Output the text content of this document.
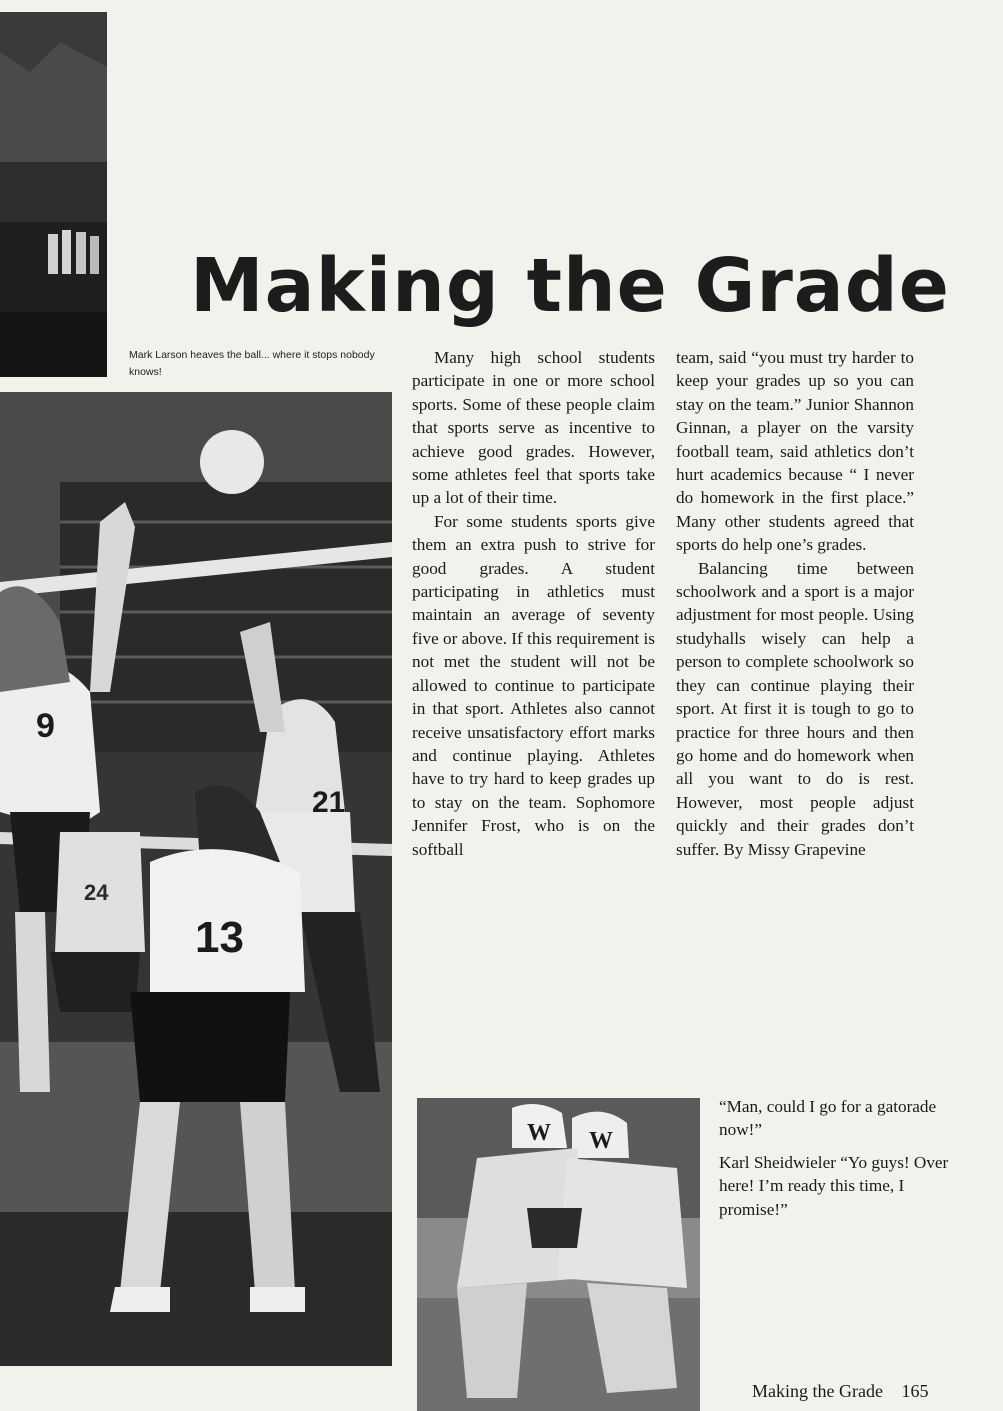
Making the Grade
Mark Larson heaves the ball... where it stops nobody knows!
9
21
24
13

Many high school students participate in one or more school sports. Some of these people claim that sports serve as incentive to achieve good grades. However, some athletes feel that sports take up a lot of their time.

For some students sports give them an extra push to strive for good grades. A student participating in athletics must maintain an average of seventy five or above. If this requirement is not met the student will not be allowed to continue to participate in that sport. Athletes also cannot receive unsatisfactory effort marks and continue playing. Athletes have to try hard to keep grades up to stay on the team. Sophomore Jennifer Frost, who is on the softball

team, said “you must try harder to keep your grades up so you can stay on the team.” Junior Shannon Ginnan, a player on the varsity football team, said athletics don’t hurt academics because “ I never do homework in the first place.” Many other students agreed that sports do help one’s grades.

Balancing time between schoolwork and a sport is a major adjustment for most people. Using studyhalls wisely can help a person to complete schoolwork so they can continue playing their sport. At first it is tough to go to practice for three hours and then go home and do homework when all you want to do is rest. However, most people adjust quickly and their grades don’t suffer. By Missy Grapevine

W W

“Man, could I go for a gatorade now!”

Karl Sheidwieler “Yo guys! Over here! I’m ready this time, I promise!”

Making the Grade 165
